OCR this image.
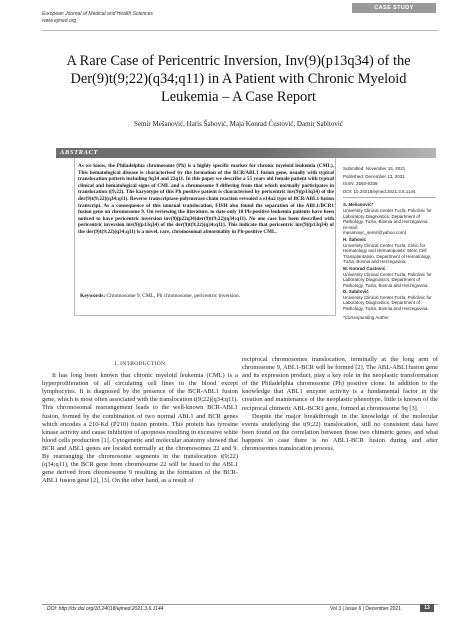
European Journal of Medical and Health Sciences
www.ejmed.org
CASE STUDY
A Rare Case of Pericentric Inversion, Inv(9)(p13q34) of the Der(9)t(9;22)(q34;q11) in A Patient with Chronic Myeloid Leukemia – A Case Report
Semir Mešanović, Haris Šahović, Maja Konrad Ćustović, Damir Sabitović
ABSTRACT
As we know, the Philadelphia chromosome (Ph) is a highly specific marker for chronic myeloid leukemia (CML). This hematological disease is characterised by the formation of the BCR/ABL1 fusion gene, usually with typical translocation pattern including 9q34 and 22q11. In this paper we describe a 55 years old female patient with typical clinical and hematological signs of CML and a chromosome 9 differing from that which normally participates in translocation t(9;22). The karyotype of this Ph positive patient is characterised by pericentric inv(9)(p13q34) of the der(9)t(9;22)(q34;q11). Reverse transcriptase-polymerase chain reaction revealed a e14a2 type of BCR/ABL1 fusion transcript. As a consequence of this unusual translocation, FISH also found the separation of the ABL1/BCR1 fusion gene on chromosome 9. On reviewing the literature, to date only 10 Ph-positive leukemia patients have been noticed to have pericentric inversion inv(9)(p22q34)der(9)t(9;22)(q34;q11). No one case has been described with pericentric inversion inv(9)(p13q34) of the der(9)t(9;22)(q34;q11). This indicate that pericentric inv(9)(p13q34) of the der(9)t(9;22)(q34;q11) is a novel, rare, chromosomal abnormality in Ph-positive CML.
Keywords: Chromosome 9, CML, Ph chromosome, pericentric inversion.

Submitted: November 15, 2021

Published: December 13, 2021

ISSN: 2593-8339

DOI: 10.24018/ejmed.2021.3.6.1144

S. Mešanović*
University Clinical Center Tuzla, Policlinic for Laboratory Diagnostics, Department of Pathology, Tuzla, Bosnia and Herzegovina.
(e-mail:
mesanovic_semir@yahoo.com)
H. Šahović
University Clinical Center Tuzla, Clinic for Hematology and Hematopoietic Stem Cell Transplantation, Department of Hematology, Tuzla, Bosnia and Herzegovina.
M. Konrad Ćustović
University Clinical Center Tuzla, Policlinic for Laboratory Diagnostics, Department of Pathology, Tuzla, Bosnia and Herzegovina.
D. Sabitović
University Clinical Center Tuzla, Policlinic for Laboratory Diagnostics, Department of Pathology, Tuzla, Bosnia and Herzegovina.
*Corresponding Author
I. INTRODUCTION

It has long been known that chronic myeloid leukemia (CML) is a hyperproliferation of all circulating cell lines in the blood except lymphocytes. It is diagnosed by the presence of the BCR-ABL1 fusion gene, which is most often associated with the translocation t(9;22)(q34;q11). This chromosomal rearrangement leads to the well-known BCR-ABL1 fusion, formed by the combination of two normal ABL1 and BCR genes which encodes a 210-Kd (P210) fusion protein. This protein has tyrosine kinase activity and cause inhibition of apoptosis resulting in excessive white blood cells production [1]. Cytogenetic and molecular anatomy showed that BCR and ABL1 genes are located normally at the chromosomes 22 and 9. By rearranging the chromosome segments in the translocation t(9;22)(q34;q11), the BCR gene from chromosome 22 will be fused to the ABL1 gene derived from chromosome 9 resulting in the formation of the BCR-ABL1 fusion gene [2], [3]. On the other hand, as a result of

reciprocal chromosomes translocation, terminally at the long arm of chromosome 9, ABL1-BCR will be formed [2]. The ABL-ABL1fusion gene and its expression product, play a key role in the neoplastic transformation of the Philadelphia chromosome (Ph) positive clone. In addition to the knowledge that ABL1 enzyme activity is a fundamental factor in the creation and maintenance of the neoplastic phenotype, little is known of the reciprocal chimeric ABL-BCR1 gene, formed at chromosome 9q [3].

Despite the major breakthrough in the knowledge of the molecular events underlying the t(9;22) translocation, still no consistent data have been found on the correlation between those two chimeric genes, and what happens in case there is no ABL1-BCR fusion during and after chromosomes translocation process.

DOI: http://dx.doi.org/10.24018/ejmed.2021.3.6.1144	Vol 3 | Issue 6 | December 2021	13
